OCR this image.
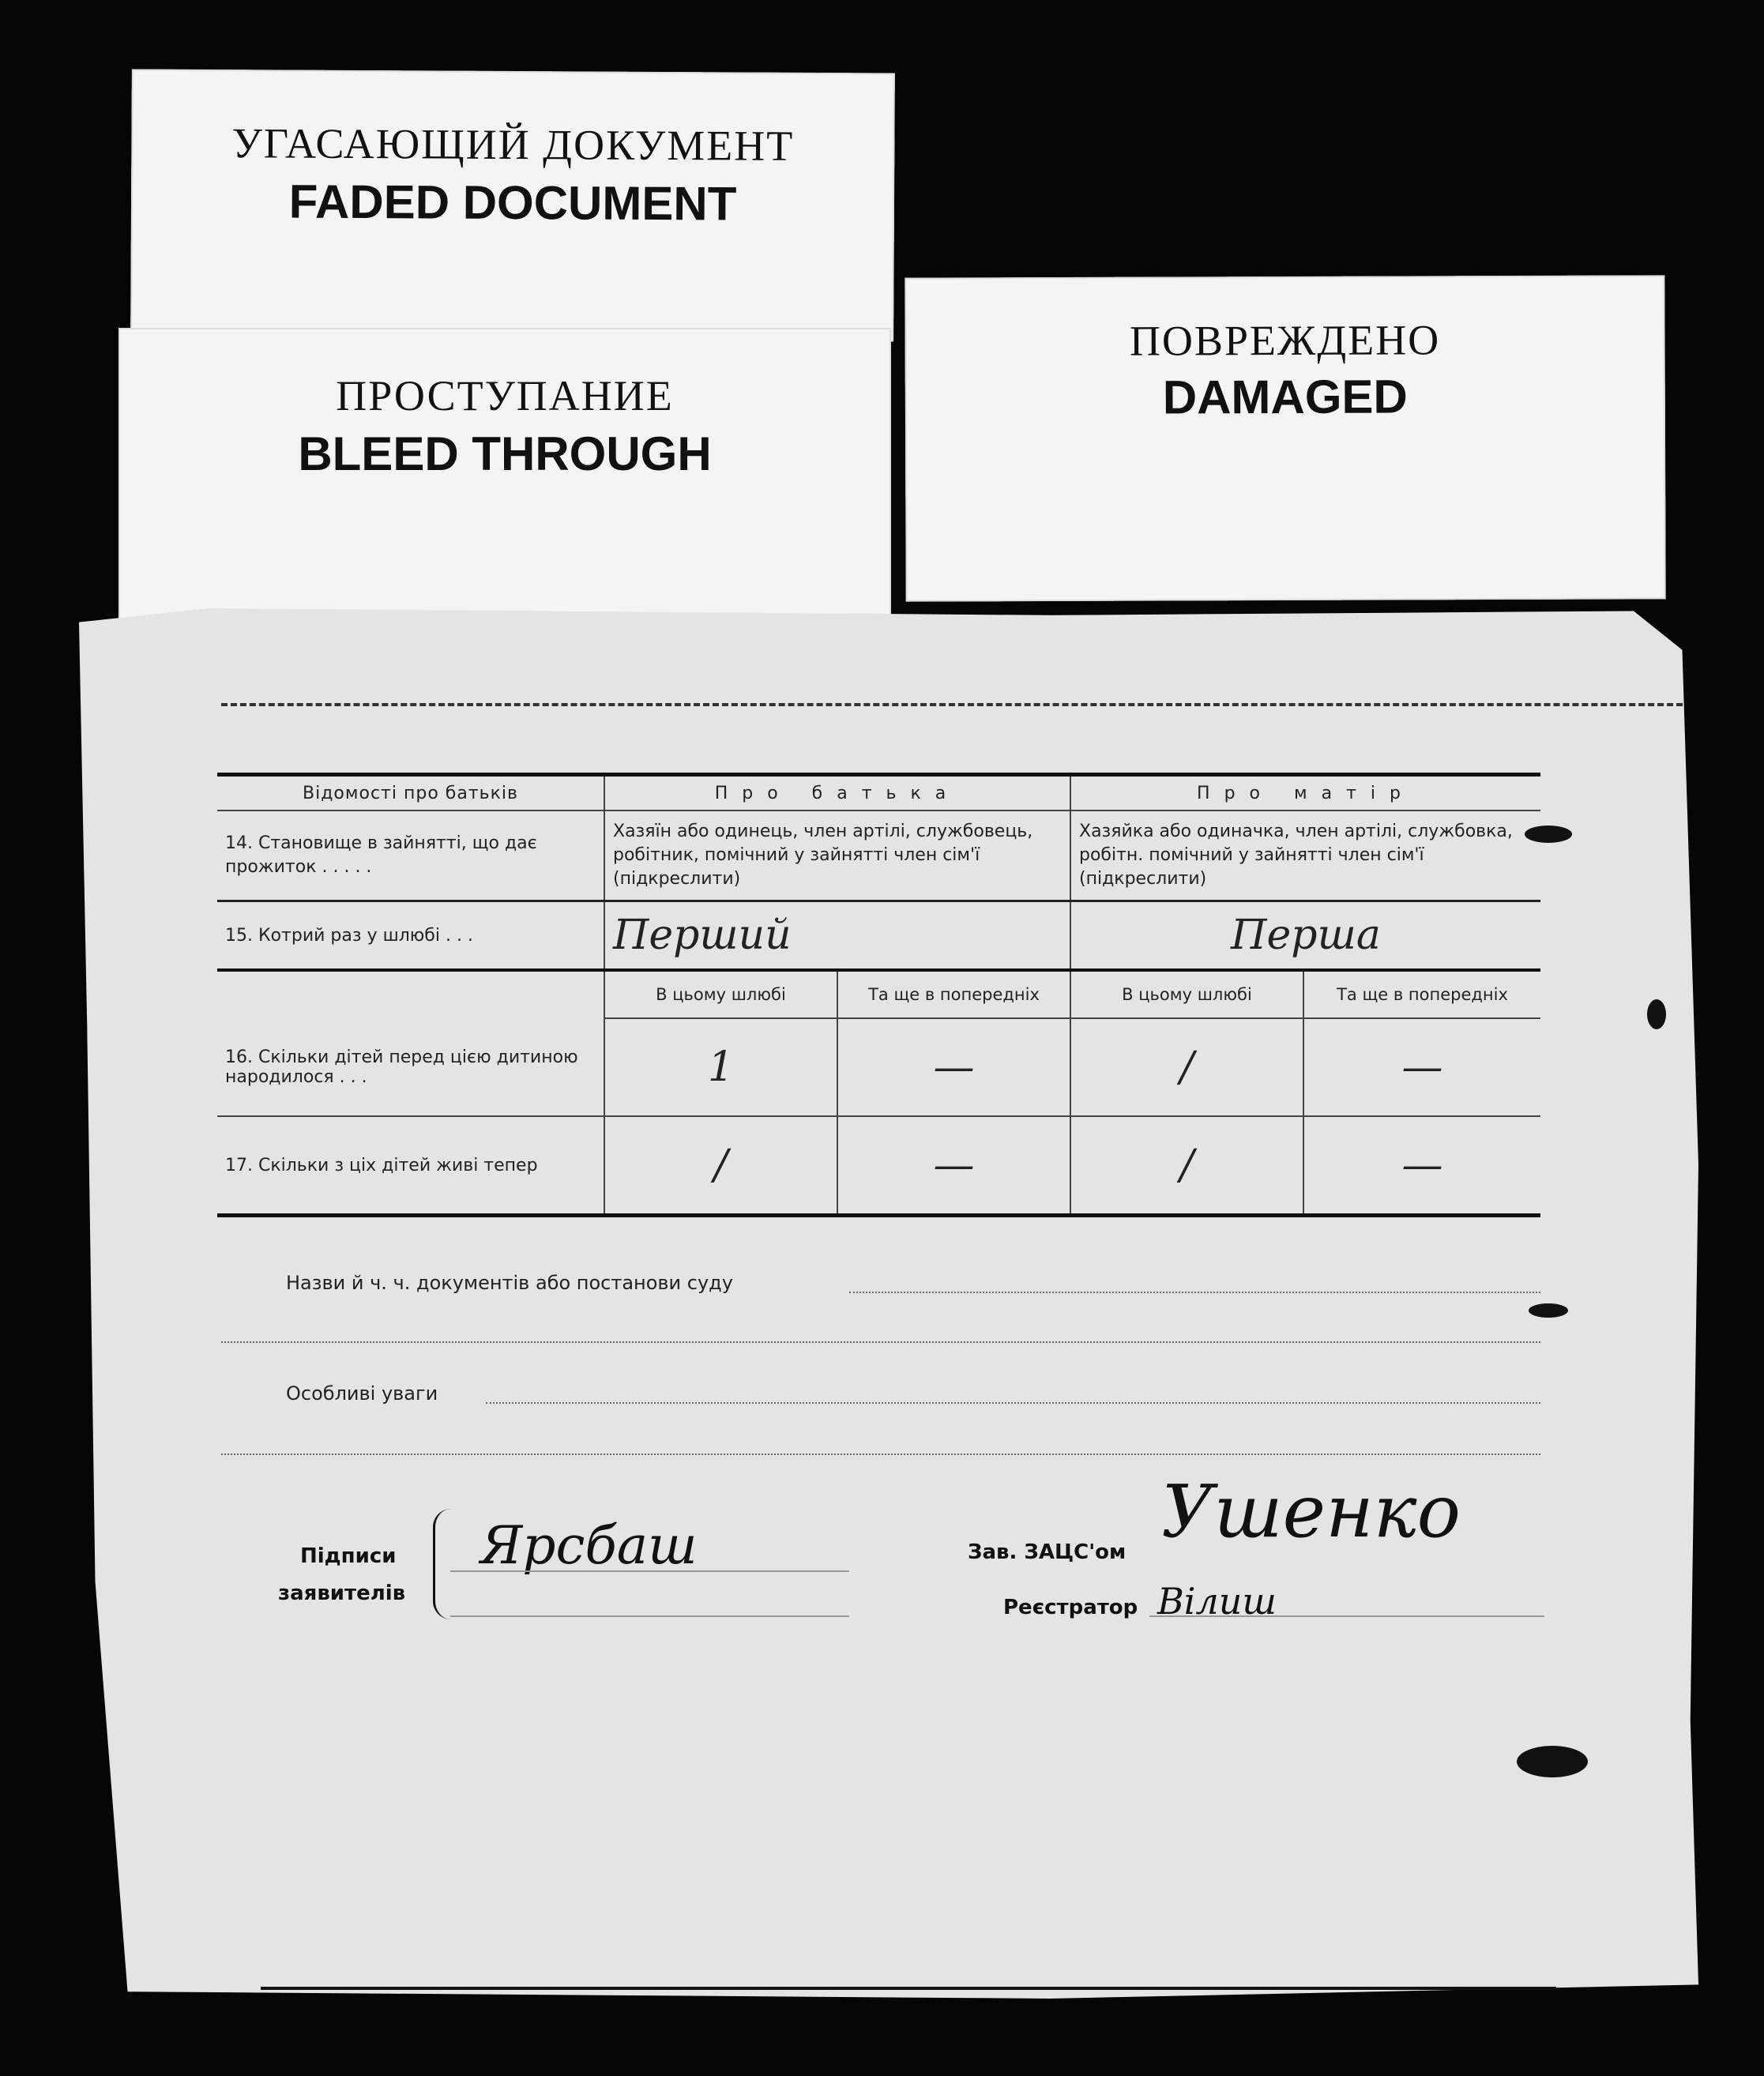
УГАСАЮЩИЙ ДОКУМЕНТ
FADED DOCUMENT
ПРОСТУПАНИЕ
BLEED THROUGH
ПОВРЕЖДЕНО
DAMAGED
Відомості про батьків	Про батька		Про матір	
14. Становище в зайнятті, що дає прожиток . . . . .	Хазяїн або одинець, член артілі, службовець, робітник, помічний у зайнятті член сім'ї (підкреслити)		Хазяйка або одиначка, член артілі, службовка, робітн. помічний у зайнятті член сім'ї (підкреслити)	
15. Котрий раз у шлюбі . . .	Перший		Перша	
	В цьому шлюбі	Та ще в попередніх	В цьому шлюбі	Та ще в попередніх
16. Скільки дітей перед цією дитиною народилося . . .	1	—	/	—
17. Скільки з ціх дітей живі тепер	/	—	/	—
Назви й ч. ч. документів або постанови суду
Особливі уваги
Підписи
заявителів
Ярсбаш	Зав. ЗАЦС'ом Ушенко
Реєстратор Вілиш
